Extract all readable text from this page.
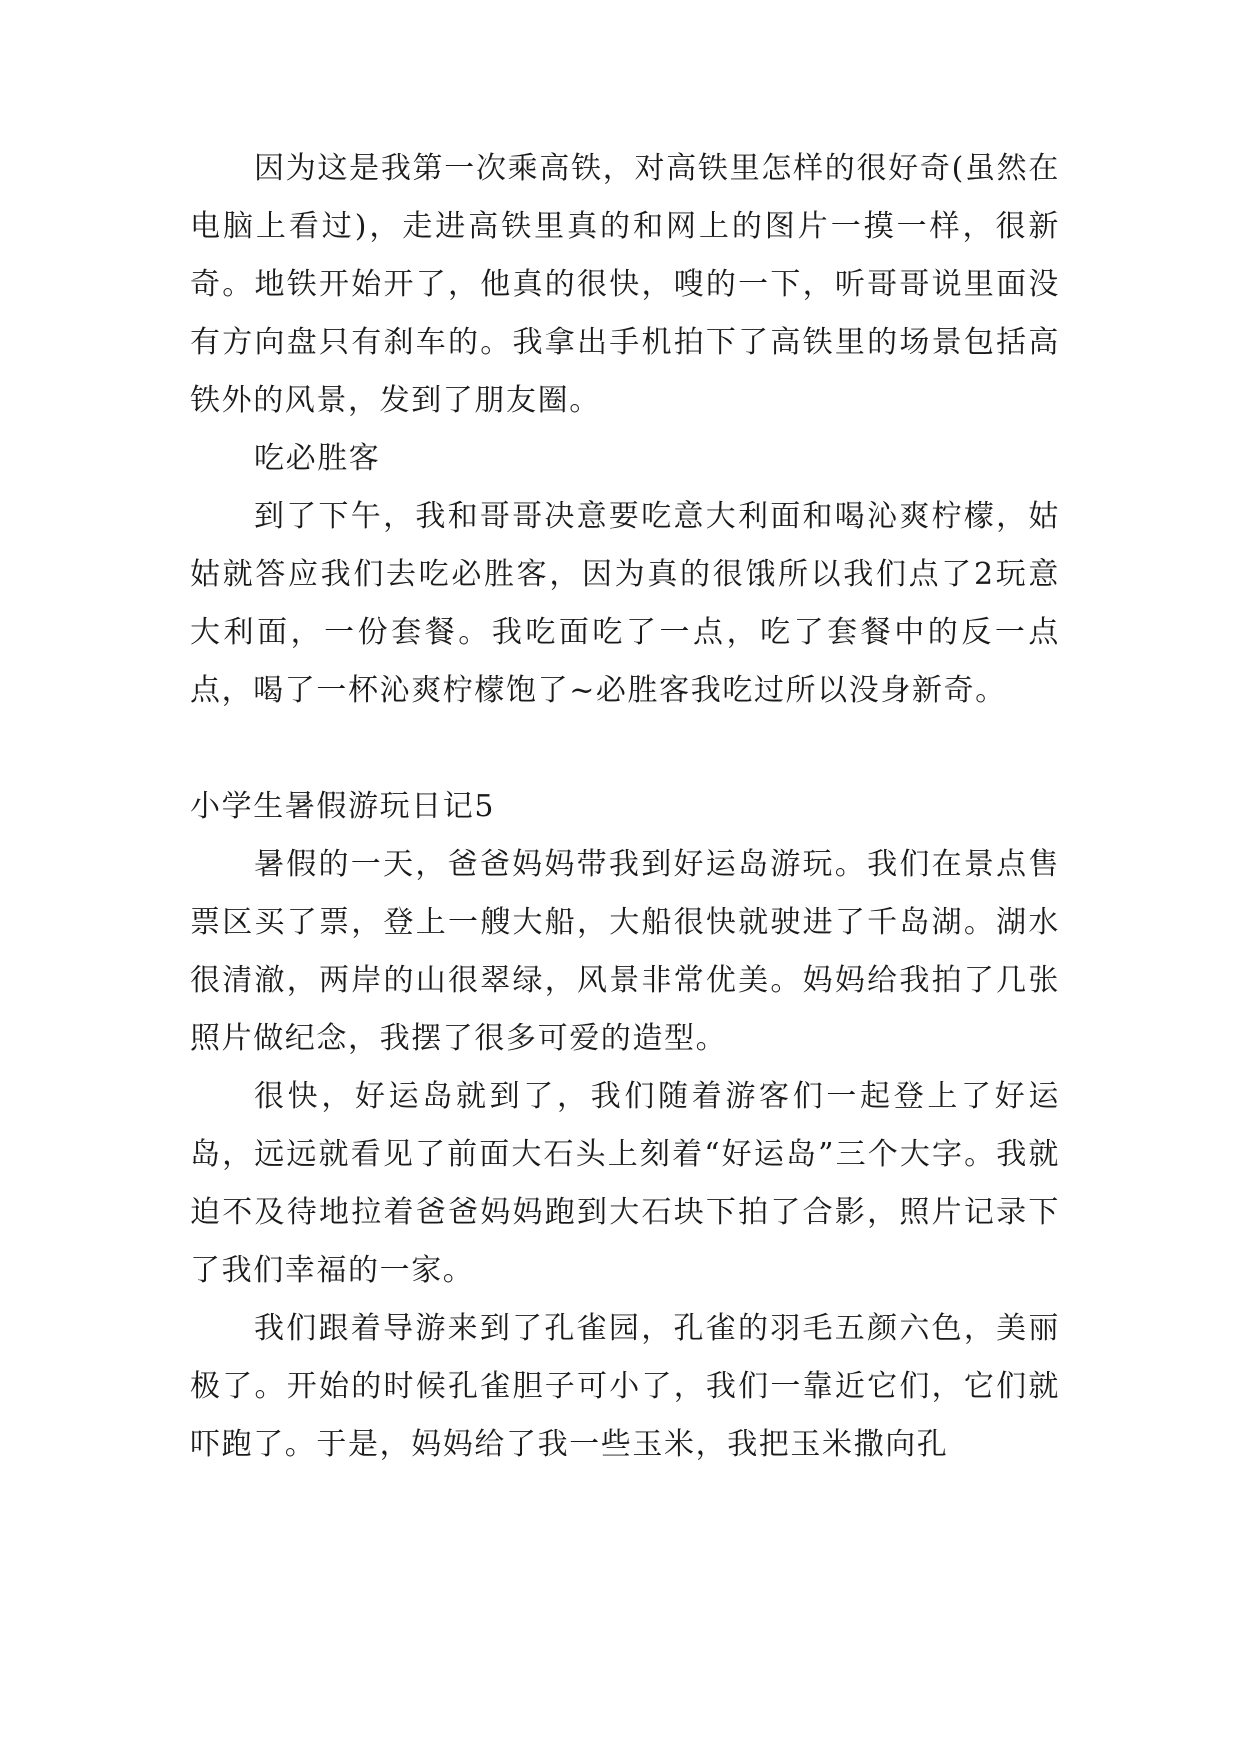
因为这是我第一次乘高铁，对高铁里怎样的很好奇(虽然在电脑上看过)，走进高铁里真的和网上的图片一摸一样，很新奇。地铁开始开了，他真的很快，嗖的一下，听哥哥说里面没有方向盘只有刹车的。我拿出手机拍下了高铁里的场景包括高铁外的风景，发到了朋友圈。

吃必胜客

到了下午，我和哥哥决意要吃意大利面和喝沁爽柠檬，姑姑就答应我们去吃必胜客，因为真的很饿所以我们点了2玩意大利面，一份套餐。我吃面吃了一点，吃了套餐中的反一点点，喝了一杯沁爽柠檬饱了~必胜客我吃过所以没身新奇。

小学生暑假游玩日记5

暑假的一天，爸爸妈妈带我到好运岛游玩。我们在景点售票区买了票，登上一艘大船，大船很快就驶进了千岛湖。湖水很清澈，两岸的山很翠绿，风景非常优美。妈妈给我拍了几张照片做纪念，我摆了很多可爱的造型。

很快，好运岛就到了，我们随着游客们一起登上了好运岛，远远就看见了前面大石头上刻着“好运岛”三个大字。我就迫不及待地拉着爸爸妈妈跑到大石块下拍了合影，照片记录下了我们幸福的一家。

我们跟着导游来到了孔雀园，孔雀的羽毛五颜六色，美丽极了。开始的时候孔雀胆子可小了，我们一靠近它们，它们就吓跑了。于是，妈妈给了我一些玉米，我把玉米撒向孔
